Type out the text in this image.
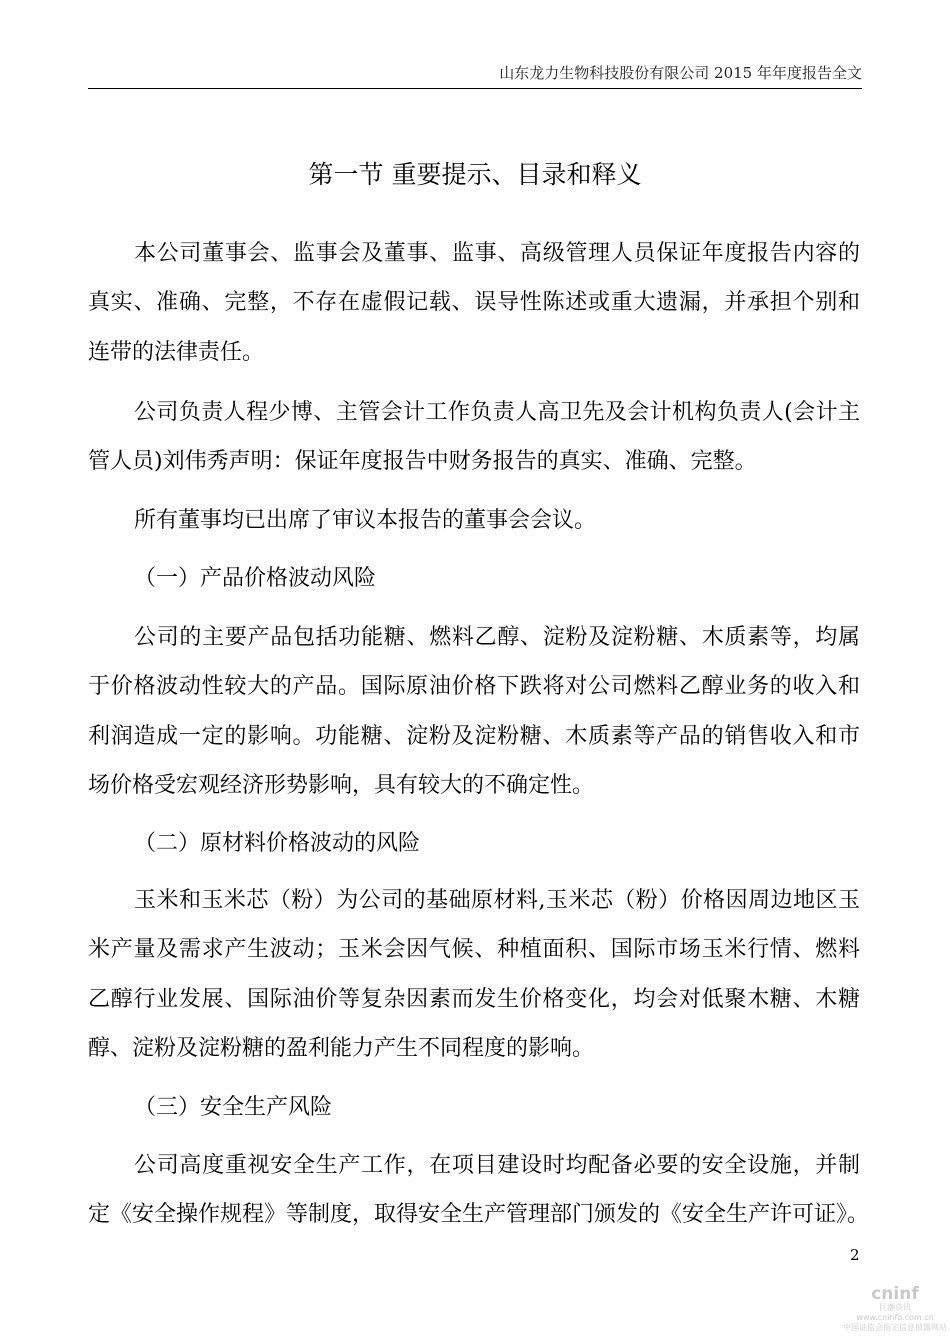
山东龙力生物科技股份有限公司 2015 年年度报告全文
第一节 重要提示、目录和释义
本公司董事会、监事会及董事、监事、高级管理人员保证年度报告内容的
真实、准确、完整，不存在虚假记载、误导性陈述或重大遗漏，并承担个别和
连带的法律责任。
公司负责人程少博、主管会计工作负责人高卫先及会计机构负责人(会计主
管人员)刘伟秀声明：保证年度报告中财务报告的真实、准确、完整。
所有董事均已出席了审议本报告的董事会会议。
（一）产品价格波动风险
公司的主要产品包括功能糖、燃料乙醇、淀粉及淀粉糖、木质素等，均属
于价格波动性较大的产品。国际原油价格下跌将对公司燃料乙醇业务的收入和
利润造成一定的影响。功能糖、淀粉及淀粉糖、木质素等产品的销售收入和市
场价格受宏观经济形势影响，具有较大的不确定性。
（二）原材料价格波动的风险
玉米和玉米芯（粉）为公司的基础原材料,玉米芯（粉）价格因周边地区玉
米产量及需求产生波动；玉米会因气候、种植面积、国际市场玉米行情、燃料
乙醇行业发展、国际油价等复杂因素而发生价格变化，均会对低聚木糖、木糖
醇、淀粉及淀粉糖的盈利能力产生不同程度的影响。
（三）安全生产风险
公司高度重视安全生产工作，在项目建设时均配备必要的安全设施，并制
定《安全操作规程》等制度，取得安全生产管理部门颁发的《安全生产许可证》。
2
cninf
巨潮资讯
www.cninfo.com.cn
中国证监会指定信息披露网站
